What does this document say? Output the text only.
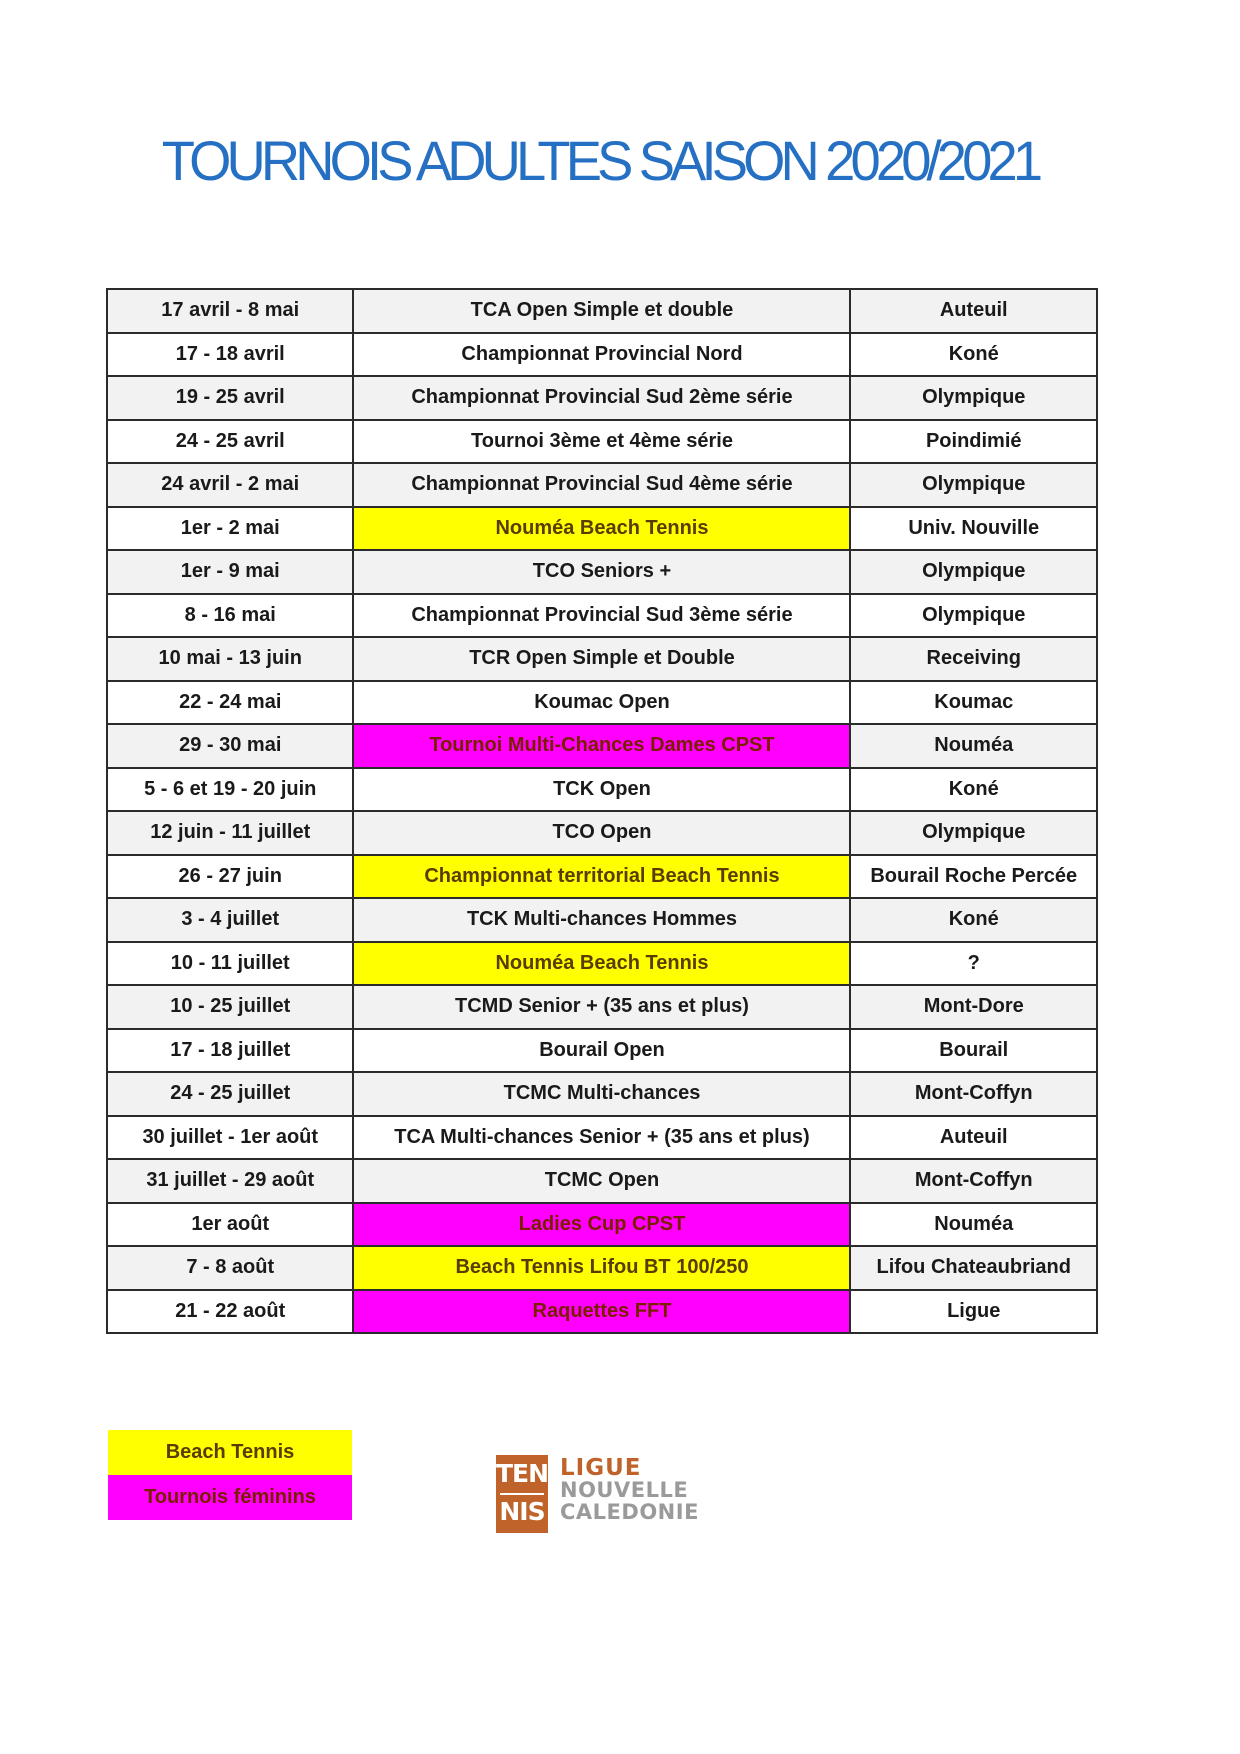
TOURNOIS ADULTES SAISON 2020/2021
17 avril - 8 mai	TCA Open Simple et double	Auteuil
17 - 18 avril	Championnat Provincial Nord	Koné
19 - 25 avril	Championnat Provincial Sud 2ème série	Olympique
24 - 25 avril	Tournoi 3ème et 4ème série	Poindimié
24 avril - 2 mai	Championnat Provincial Sud 4ème série	Olympique
1er - 2 mai	Nouméa Beach Tennis	Univ. Nouville
1er - 9 mai	TCO Seniors +	Olympique
8 - 16 mai	Championnat Provincial Sud 3ème série	Olympique
10 mai - 13 juin	TCR Open Simple et Double	Receiving
22 - 24 mai	Koumac Open	Koumac
29 - 30 mai	Tournoi Multi-Chances Dames CPST	Nouméa
5 - 6 et 19 - 20 juin	TCK Open	Koné
12 juin - 11 juillet	TCO Open	Olympique
26 - 27 juin	Championnat territorial Beach Tennis	Bourail Roche Percée
3 - 4 juillet	TCK Multi-chances Hommes	Koné
10 - 11 juillet	Nouméa Beach Tennis	?
10 - 25 juillet	TCMD Senior + (35 ans et plus)	Mont-Dore
17 - 18 juillet	Bourail Open	Bourail
24 - 25 juillet	TCMC Multi-chances	Mont-Coffyn
30 juillet - 1er août	TCA Multi-chances Senior + (35 ans et plus)	Auteuil
31 juillet - 29 août	TCMC Open	Mont-Coffyn
1er août	Ladies Cup CPST	Nouméa
7 - 8 août	Beach Tennis Lifou BT 100/250	Lifou Chateaubriand
21 - 22 août	Raquettes FFT	Ligue
Beach Tennis
Tournois féminins
TEN
NIS
LIGUE
NOUVELLE
CALEDONIE
